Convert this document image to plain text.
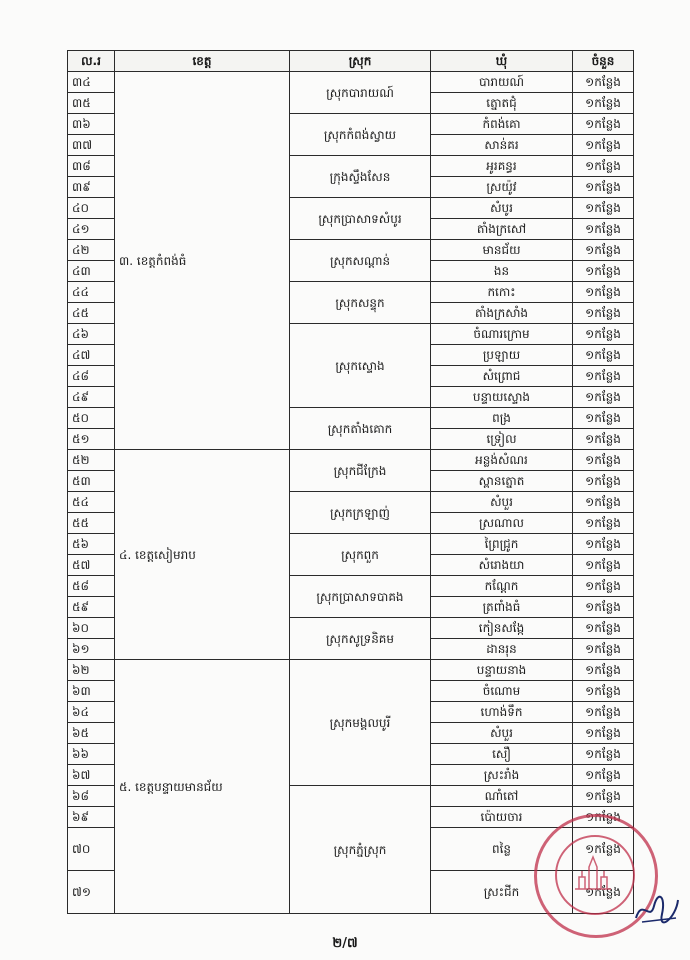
ល.រ	ខេត្ត	ស្រុក	ឃុំ	ចំនួន
៣៤	៣. ខេត្តកំពង់ធំ	ស្រុកបារាយណ៍	បារាយណ៍	១កន្លែង
៣៥			ត្នោតជុំ	១កន្លែង
៣៦		ស្រុកកំពង់ស្វាយ	កំពង់គោ	១កន្លែង
៣៧			សាន់គរ	១កន្លែង
៣៨		ក្រុងស្ទឹងសែន	អូរគន្ធរ	១កន្លែង
៣៩			ស្រយ៉ូវ	១កន្លែង
៤០		ស្រុកប្រាសាទសំបូរ	សំបូរ	១កន្លែង
៤១			តាំងក្រសៅ	១កន្លែង
៤២		ស្រុកសណ្តាន់	មានជ័យ	១កន្លែង
៤៣			ងន	១កន្លែង
៤៤		ស្រុកសន្ទុក	កកោះ	១កន្លែង
៤៥			តាំងក្រសាំង	១កន្លែង
៤៦		ស្រុកស្ទោង	ចំណារក្រោម	១កន្លែង
៤៧			ប្រឡាយ	១កន្លែង
៤៨			សំព្រោជ	១កន្លែង
៤៩			បន្ទាយស្ទោង	១កន្លែង
៥០		ស្រុកតាំងគោក	ពង្រ	១កន្លែង
៥១			ទ្រៀល	១កន្លែង
៥២	៤. ខេត្តសៀមរាប	ស្រុកជីក្រែង	អន្លង់សំណរ	១កន្លែង
៥៣			ស្ពានត្នោត	១កន្លែង
៥៤		ស្រុកក្រឡាញ់	សំបួរ	១កន្លែង
៥៥			ស្រណាល	១កន្លែង
៥៦		ស្រុកពួក	ព្រៃជ្រូក	១កន្លែង
៥៧			សំរោងយា	១កន្លែង
៥៨		ស្រុកប្រាសាទបាគង	កណ្តែក	១កន្លែង
៥៩			ត្រពាំងធំ	១កន្លែង
៦០		ស្រុកសូទ្រនិគម	កៀនសង្កែ	១កន្លែង
៦១			ដានរុន	១កន្លែង
៦២	៥. ខេត្តបន្ទាយមានជ័យ	ស្រុកមង្គលបូរី	បន្ទាយនាង	១កន្លែង
៦៣			ចំណោម	១កន្លែង
៦៤			ហោង់ទឹក	១កន្លែង
៦៥			សំបួរ	១កន្លែង
៦៦			សឿ	១កន្លែង
៦៧			ស្រះរាំង	១កន្លែង
៦៨		ស្រុកភ្នំស្រុក	ណាំតៅ	១កន្លែង
៦៩			ប៉ោយចារ	១កន្លែង
៧០			ពន្លៃ	១កន្លែង
៧១			ស្រះជីក	១កន្លែង
២/៧
